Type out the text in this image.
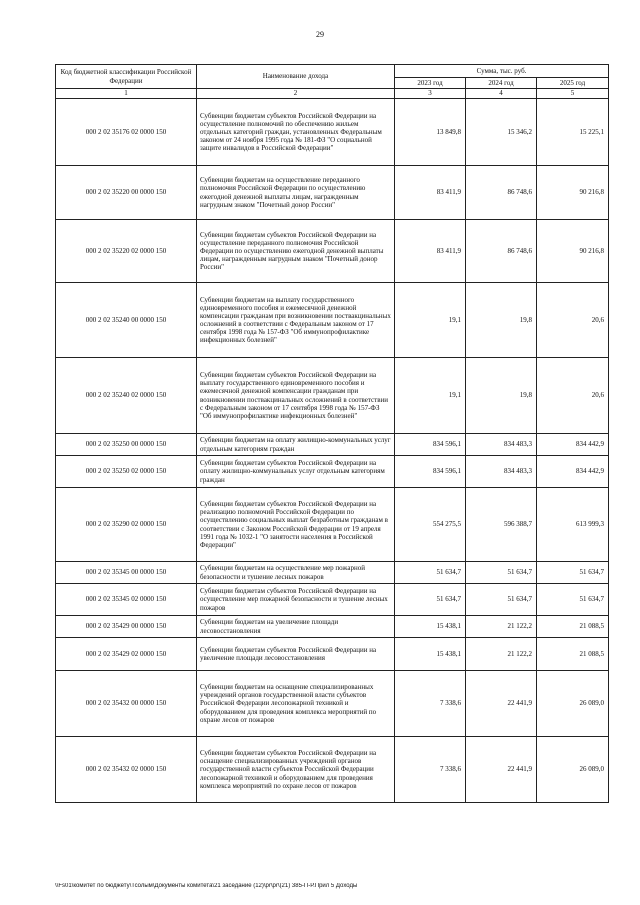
29
Код бюджетной классификации Российской Федерации	Наименование дохода	Сумма, тыс. руб.		
		2023 год	2024 год	2025 год
1	2	3	4	5
000 2 02 35176 02 0000 150	Субвенции бюджетам субъектов Российской Федерации на осуществление полномочий по обеспечению жильем отдельных категорий граждан, установленных Федеральным законом от 24 ноября 1995 года № 181-ФЗ "О социальной защите инвалидов в Российской Федерации"	13 849,8	15 346,2	15 225,1
000 2 02 35220 00 0000 150	Субвенции бюджетам на осуществление переданного полномочия Российской Федерации по осуществлению ежегодной денежной выплаты лицам, награжденным нагрудным знаком "Почетный донор России"	83 411,9	86 748,6	90 216,8
000 2 02 35220 02 0000 150	Субвенции бюджетам субъектов Российской Федерации на осуществление переданного полномочия Российской Федерации по осуществлению ежегодной денежной выплаты лицам, награжденным нагрудным знаком "Почетный донор России"	83 411,9	86 748,6	90 216,8
000 2 02 35240 00 0000 150	Субвенции бюджетам на выплату государственного единовременного пособия и ежемесячной денежной компенсации гражданам при возникновении поствакцинальных осложнений в соответствии с Федеральным законом от 17 сентября 1998 года № 157-ФЗ "Об иммунопрофилактике инфекционных болезней"	19,1	19,8	20,6
000 2 02 35240 02 0000 150	Субвенции бюджетам субъектов Российской Федерации на выплату государственного единовременного пособия и ежемесячной денежной компенсации гражданам при возникновении поствакцинальных осложнений в соответствии с Федеральным законом от 17 сентября 1998 года № 157-ФЗ "Об иммунопрофилактике инфекционных болезней"	19,1	19,8	20,6
000 2 02 35250 00 0000 150	Субвенции бюджетам на оплату жилищно-коммунальных услуг отдельным категориям граждан	834 596,1	834 483,3	834 442,9
000 2 02 35250 02 0000 150	Субвенции бюджетам субъектов Российской Федерации на оплату жилищно-коммунальных услуг отдельным категориям граждан	834 596,1	834 483,3	834 442,9
000 2 02 35290 02 0000 150	Субвенции бюджетам субъектов Российской Федерации на реализацию полномочий Российской Федерации по осуществлению социальных выплат безработным гражданам в соответствии с Законом Российской Федерации от 19 апреля 1991 года № 1032-1 "О занятости населения в Российской Федерации"	554 275,5	596 388,7	613 999,3
000 2 02 35345 00 0000 150	Субвенции бюджетам на осуществление мер пожарной безопасности и тушение лесных пожаров	51 634,7	51 634,7	51 634,7
000 2 02 35345 02 0000 150	Субвенции бюджетам субъектов Российской Федерации на осуществление мер пожарной безопасности и тушение лесных пожаров	51 634,7	51 634,7	51 634,7
000 2 02 35429 00 0000 150	Субвенции бюджетам на увеличение площади лесовосстановления	15 438,1	21 122,2	21 088,5
000 2 02 35429 02 0000 150	Субвенции бюджетам субъектов Российской Федерации на увеличение площади лесовосстановления	15 438,1	21 122,2	21 088,5
000 2 02 35432 00 0000 150	Субвенции бюджетам на оснащение специализированных учреждений органов государственной власти субъектов Российской Федерации лесопожарной техникой и оборудованием для проведения комплекса мероприятий по охране лесов от пожаров	7 338,6	22 441,9	26 089,0
000 2 02 35432 02 0000 150	Субвенции бюджетам субъектов Российской Федерации на оснащение специализированных учреждений органов государственной власти субъектов Российской Федерации лесопожарной техникой и оборудованием для проведения комплекса мероприятий по охране лесов от пожаров	7 338,6	22 441,9	26 089,0
\\Fs01\комитет по бюджету\Тсолым\Документы комитета\21 заседание (12)\pr\pr\(21) 385-П-Р.Прил 5 Доходы
